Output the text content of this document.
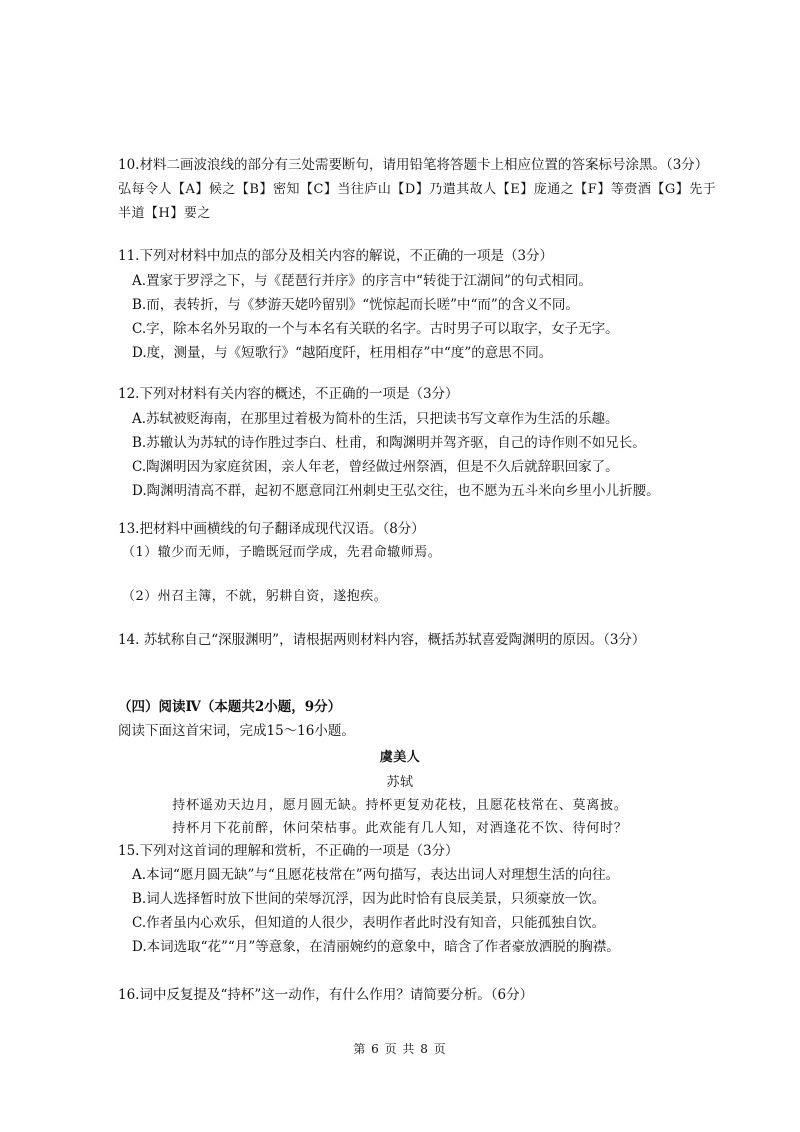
10.材料二画波浪线的部分有三处需要断句，请用铅笔将答题卡上相应位置的答案标号涂黑。（3分）
弘每令人【A】候之【B】密知【C】当往庐山【D】乃遣其故人【E】庞通之【F】等赍酒【G】先于
半道【H】要之
11.下列对材料中加点的部分及相关内容的解说，不正确的一项是（3分）
A.置家于罗浮之下，与《琵琶行并序》的序言中“转徙于江湖间”的句式相同。
B.而，表转折，与《梦游天姥吟留别》“恍惊起而长嗟”中“而”的含义不同。
C.字，除本名外另取的一个与本名有关联的名字。古时男子可以取字，女子无字。
D.度，测量，与《短歌行》“越陌度阡，枉用相存”中“度”的意思不同。
12.下列对材料有关内容的概述，不正确的一项是（3分）
A.苏轼被贬海南，在那里过着极为简朴的生活，只把读书写文章作为生活的乐趣。
B.苏辙认为苏轼的诗作胜过李白、杜甫，和陶渊明并驾齐驱，自己的诗作则不如兄长。
C.陶渊明因为家庭贫困，亲人年老，曾经做过州祭酒，但是不久后就辞职回家了。
D.陶渊明清高不群，起初不愿意同江州刺史王弘交往，也不愿为五斗米向乡里小儿折腰。
13.把材料中画横线的句子翻译成现代汉语。（8分）
（1）辙少而无师，子瞻既冠而学成，先君命辙师焉。
（2）州召主簿，不就，躬耕自资，遂抱疾。
14. 苏轼称自己“深服渊明”，请根据两则材料内容，概括苏轼喜爱陶渊明的原因。（3分）
（四）阅读Ⅳ（本题共2小题，9分）
阅读下面这首宋词，完成15～16小题。
虞美人
苏轼
持杯遥劝天边月，愿月圆无缺。持杯更复劝花枝，且愿花枝常在、莫离披。
持杯月下花前醉，休问荣枯事。此欢能有几人知，对酒逢花不饮、待何时？
15.下列对这首词的理解和赏析，不正确的一项是（3分）
A.本词“愿月圆无缺”与“且愿花枝常在”两句描写，表达出词人对理想生活的向往。
B.词人选择暂时放下世间的荣辱沉浮，因为此时恰有良辰美景，只须豪放一饮。
C.作者虽内心欢乐，但知道的人很少，表明作者此时没有知音，只能孤独自饮。
D.本词选取“花”“月”等意象，在清丽婉约的意象中，暗含了作者豪放洒脱的胸襟。
16.词中反复提及“持杯”这一动作，有什么作用？请简要分析。（6分）
第 6 页 共 8 页
